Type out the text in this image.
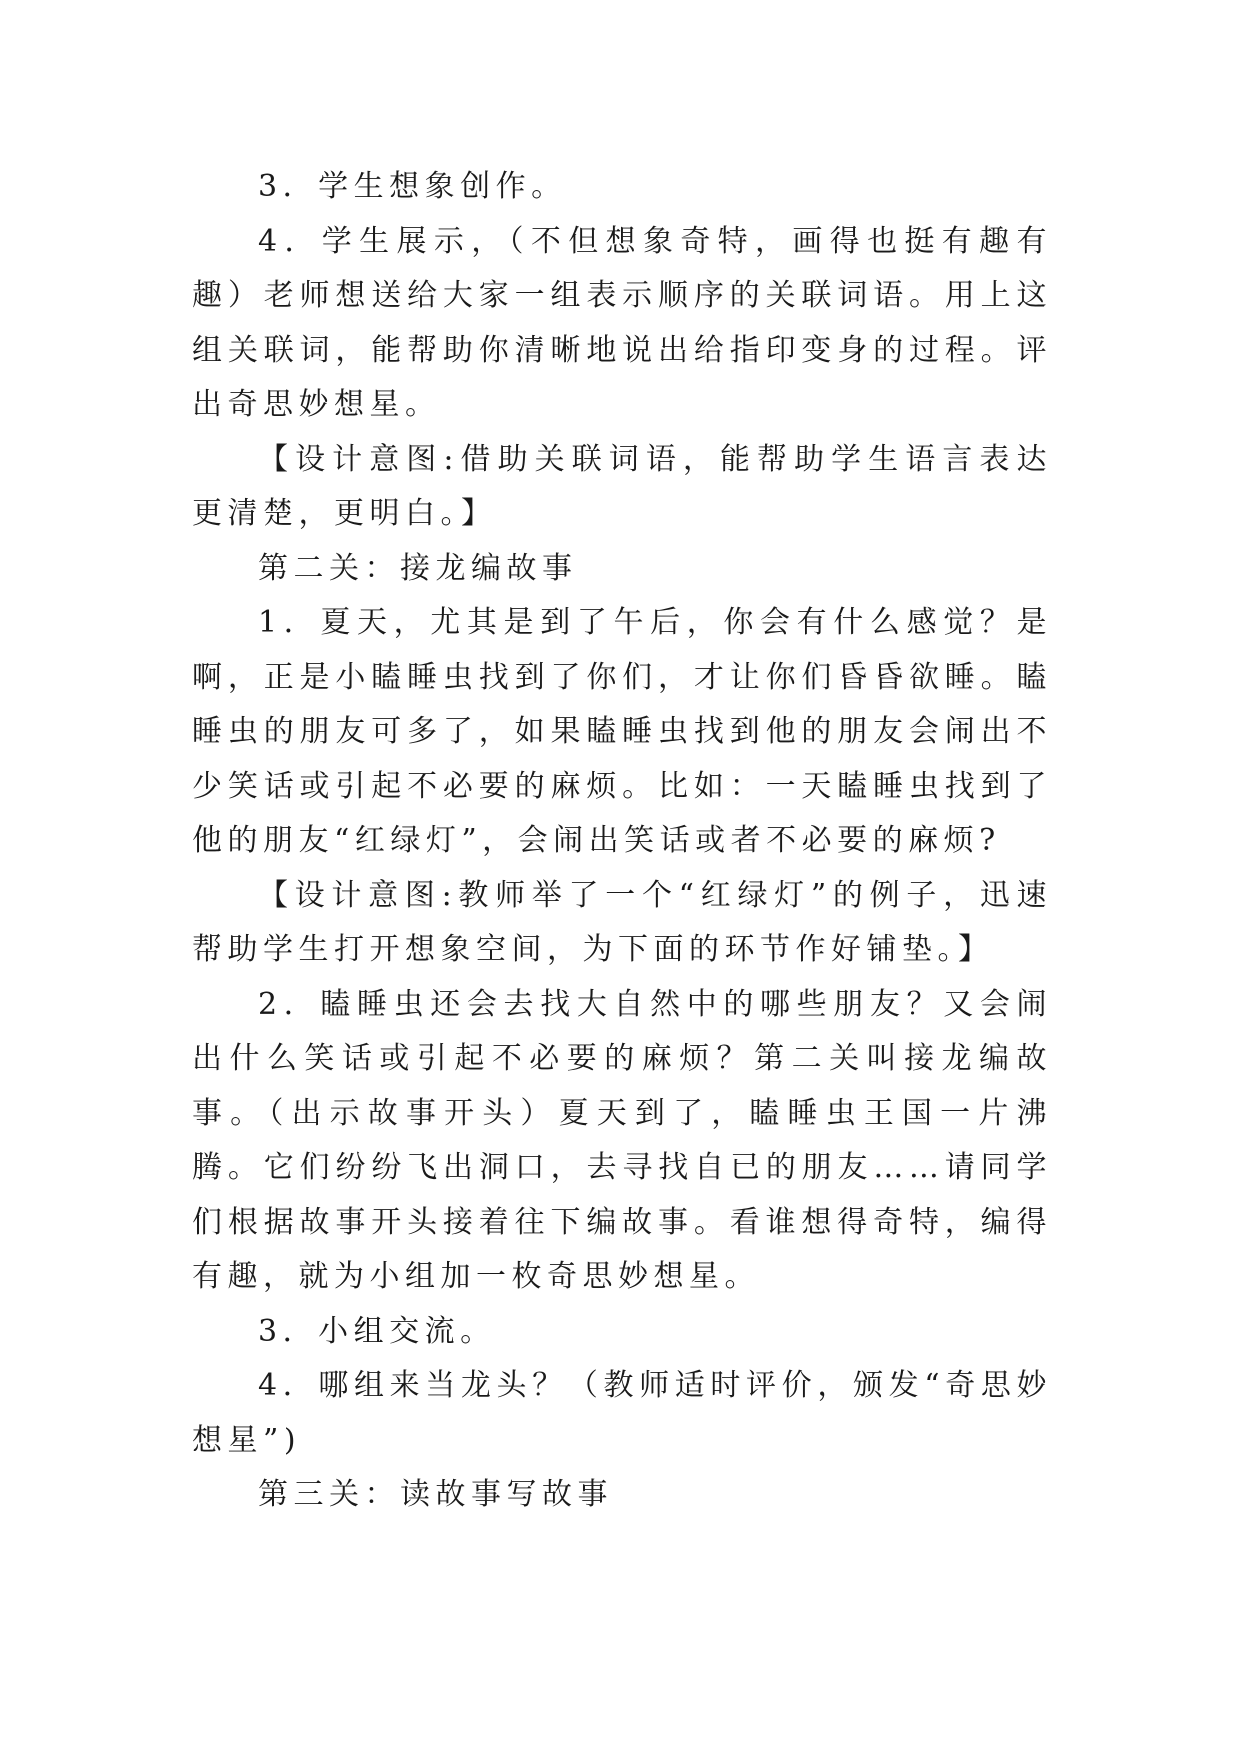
3．学生想象创作。

4．学生展示，（不但想象奇特，画得也挺有趣有趣）老师想送给大家一组表示顺序的关联词语。用上这组关联词，能帮助你清晰地说出给指印变身的过程。评出奇思妙想星。

【设计意图:借助关联词语，能帮助学生语言表达更清楚，更明白。】

第二关：接龙编故事

1．夏天，尤其是到了午后，你会有什么感觉？是啊，正是小瞌睡虫找到了你们，才让你们昏昏欲睡。瞌睡虫的朋友可多了，如果瞌睡虫找到他的朋友会闹出不少笑话或引起不必要的麻烦。比如：一天瞌睡虫找到了他的朋友“红绿灯”，会闹出笑话或者不必要的麻烦?

【设计意图:教师举了一个“红绿灯”的例子，迅速帮助学生打开想象空间，为下面的环节作好铺垫。】

2．瞌睡虫还会去找大自然中的哪些朋友？又会闹出什么笑话或引起不必要的麻烦？第二关叫接龙编故事。（出示故事开头）夏天到了，瞌睡虫王国一片沸腾。它们纷纷飞出洞口，去寻找自已的朋友……请同学们根据故事开头接着往下编故事。看谁想得奇特，编得有趣，就为小组加一枚奇思妙想星。

3．小组交流。

4．哪组来当龙头？（教师适时评价，颁发“奇思妙想星”)

第三关：读故事写故事
